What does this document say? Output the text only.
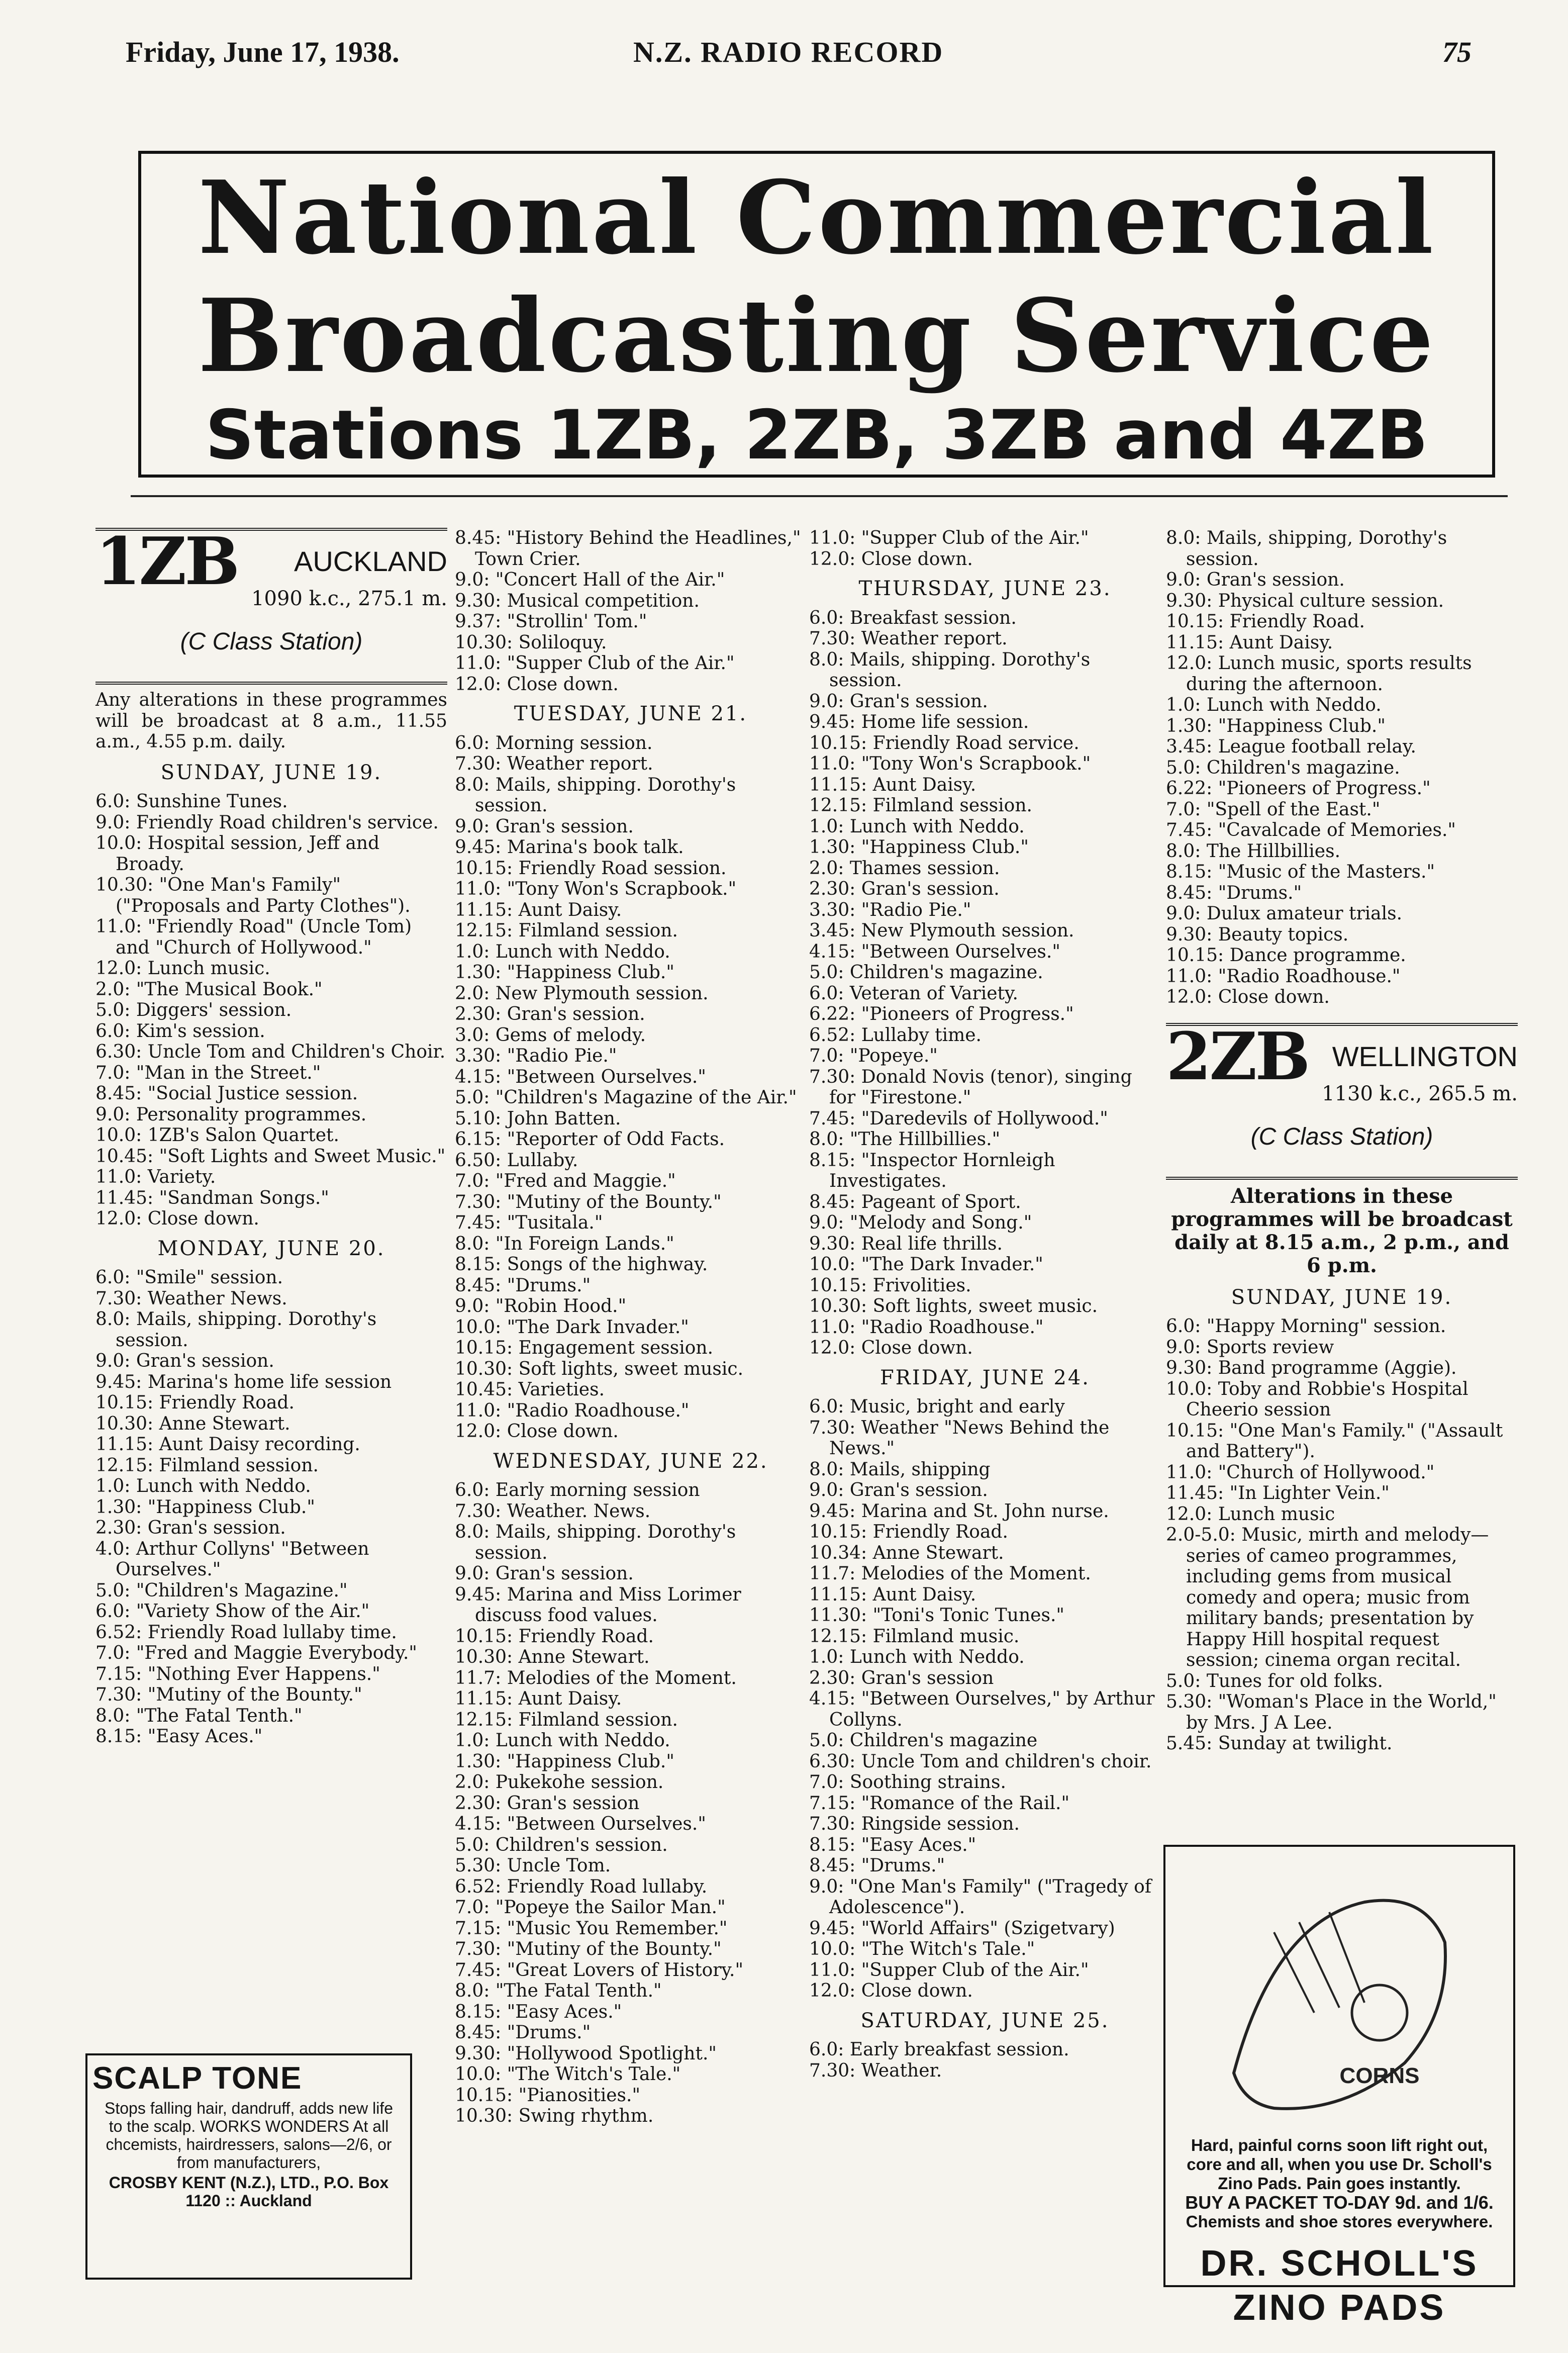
Friday, June 17, 1938.	N.Z. RADIO RECORD	75
National Commercial
Broadcasting Service
Stations 1ZB, 2ZB, 3ZB and 4ZB
1ZB AUCKLAND
1090 k.c., 275.1 m.
(C Class Station)
Any alterations in these programmes will be broadcast at 8 a.m., 11.55 a.m., 4.55 p.m. daily.
SUNDAY, JUNE 19.

6.0: Sunshine Tunes.

9.0: Friendly Road children's service.

10.0: Hospital session, Jeff and Broady.

10.30: "One Man's Family" ("Proposals and Party Clothes").

11.0: "Friendly Road" (Uncle Tom) and "Church of Hollywood."

12.0: Lunch music.

2.0: "The Musical Book."

5.0: Diggers' session.

6.0: Kim's session.

6.30: Uncle Tom and Children's Choir.

7.0: "Man in the Street."

8.45: "Social Justice session.

9.0: Personality programmes.

10.0: 1ZB's Salon Quartet.

10.45: "Soft Lights and Sweet Music."

11.0: Variety.

11.45: "Sandman Songs."

12.0: Close down.

MONDAY, JUNE 20.

6.0: "Smile" session.

7.30: Weather News.

8.0: Mails, shipping. Dorothy's session.

9.0: Gran's session.

9.45: Marina's home life session

10.15: Friendly Road.

10.30: Anne Stewart.

11.15: Aunt Daisy recording.

12.15: Filmland session.

1.0: Lunch with Neddo.

1.30: "Happiness Club."

2.30: Gran's session.

4.0: Arthur Collyns' "Between Ourselves."

5.0: "Children's Magazine."

6.0: "Variety Show of the Air."

6.52: Friendly Road lullaby time.

7.0: "Fred and Maggie Everybody."

7.15: "Nothing Ever Happens."

7.30: "Mutiny of the Bounty."

8.0: "The Fatal Tenth."

8.15: "Easy Aces."

SCALP TONE
Stops falling hair, dandruff, adds new life to the scalp. WORKS WONDERS At all chcemists, hairdressers, salons—2/6, or from manufacturers,
CROSBY KENT (N.Z.), LTD., P.O. Box 1120 :: Auckland

8.45: "History Behind the Headlines," Town Crier.

9.0: "Concert Hall of the Air."

9.30: Musical competition.

9.37: "Strollin' Tom."

10.30: Soliloquy.

11.0: "Supper Club of the Air."

12.0: Close down.

TUESDAY, JUNE 21.

6.0: Morning session.

7.30: Weather report.

8.0: Mails, shipping. Dorothy's session.

9.0: Gran's session.

9.45: Marina's book talk.

10.15: Friendly Road session.

11.0: "Tony Won's Scrapbook."

11.15: Aunt Daisy.

12.15: Filmland session.

1.0: Lunch with Neddo.

1.30: "Happiness Club."

2.0: New Plymouth session.

2.30: Gran's session.

3.0: Gems of melody.

3.30: "Radio Pie."

4.15: "Between Ourselves."

5.0: "Children's Magazine of the Air."

5.10: John Batten.

6.15: "Reporter of Odd Facts.

6.50: Lullaby.

7.0: "Fred and Maggie."

7.30: "Mutiny of the Bounty."

7.45: "Tusitala."

8.0: "In Foreign Lands."

8.15: Songs of the highway.

8.45: "Drums."

9.0: "Robin Hood."

10.0: "The Dark Invader."

10.15: Engagement session.

10.30: Soft lights, sweet music.

10.45: Varieties.

11.0: "Radio Roadhouse."

12.0: Close down.

WEDNESDAY, JUNE 22.

6.0: Early morning session

7.30: Weather. News.

8.0: Mails, shipping. Dorothy's session.

9.0: Gran's session.

9.45: Marina and Miss Lorimer discuss food values.

10.15: Friendly Road.

10.30: Anne Stewart.

11.7: Melodies of the Moment.

11.15: Aunt Daisy.

12.15: Filmland session.

1.0: Lunch with Neddo.

1.30: "Happiness Club."

2.0: Pukekohe session.

2.30: Gran's session

4.15: "Between Ourselves."

5.0: Children's session.

5.30: Uncle Tom.

6.52: Friendly Road lullaby.

7.0: "Popeye the Sailor Man."

7.15: "Music You Remember."

7.30: "Mutiny of the Bounty."

7.45: "Great Lovers of History."

8.0: "The Fatal Tenth."

8.15: "Easy Aces."

8.45: "Drums."

9.30: "Hollywood Spotlight."

10.0: "The Witch's Tale."

10.15: "Pianosities."

10.30: Swing rhythm.

11.0: "Supper Club of the Air."

12.0: Close down.

THURSDAY, JUNE 23.

6.0: Breakfast session.

7.30: Weather report.

8.0: Mails, shipping. Dorothy's session.

9.0: Gran's session.

9.45: Home life session.

10.15: Friendly Road service.

11.0: "Tony Won's Scrapbook."

11.15: Aunt Daisy.

12.15: Filmland session.

1.0: Lunch with Neddo.

1.30: "Happiness Club."

2.0: Thames session.

2.30: Gran's session.

3.30: "Radio Pie."

3.45: New Plymouth session.

4.15: "Between Ourselves."

5.0: Children's magazine.

6.0: Veteran of Variety.

6.22: "Pioneers of Progress."

6.52: Lullaby time.

7.0: "Popeye."

7.30: Donald Novis (tenor), singing for "Firestone."

7.45: "Daredevils of Hollywood."

8.0: "The Hillbillies."

8.15: "Inspector Hornleigh Investigates.

8.45: Pageant of Sport.

9.0: "Melody and Song."

9.30: Real life thrills.

10.0: "The Dark Invader."

10.15: Frivolities.

10.30: Soft lights, sweet music.

11.0: "Radio Roadhouse."

12.0: Close down.

FRIDAY, JUNE 24.

6.0: Music, bright and early

7.30: Weather "News Behind the News."

8.0: Mails, shipping

9.0: Gran's session.

9.45: Marina and St. John nurse.

10.15: Friendly Road.

10.34: Anne Stewart.

11.7: Melodies of the Moment.

11.15: Aunt Daisy.

11.30: "Toni's Tonic Tunes."

12.15: Filmland music.

1.0: Lunch with Neddo.

2.30: Gran's session

4.15: "Between Ourselves," by Arthur Collyns.

5.0: Children's magazine

6.30: Uncle Tom and children's choir.

7.0: Soothing strains.

7.15: "Romance of the Rail."

7.30: Ringside session.

8.15: "Easy Aces."

8.45: "Drums."

9.0: "One Man's Family" ("Tragedy of Adolescence").

9.45: "World Affairs" (Szigetvary)

10.0: "The Witch's Tale."

11.0: "Supper Club of the Air."

12.0: Close down.

SATURDAY, JUNE 25.

6.0: Early breakfast session.

7.30: Weather.

8.0: Mails, shipping, Dorothy's session.

9.0: Gran's session.

9.30: Physical culture session.

10.15: Friendly Road.

11.15: Aunt Daisy.

12.0: Lunch music, sports results during the afternoon.

1.0: Lunch with Neddo.

1.30: "Happiness Club."

3.45: League football relay.

5.0: Children's magazine.

6.22: "Pioneers of Progress."

7.0: "Spell of the East."

7.45: "Cavalcade of Memories."

8.0: The Hillbillies.

8.15: "Music of the Masters."

8.45: "Drums."

9.0: Dulux amateur trials.

9.30: Beauty topics.

10.15: Dance programme.

11.0: "Radio Roadhouse."

12.0: Close down.

2ZB WELLINGTON
1130 k.c., 265.5 m.
(C Class Station)
Alterations in these programmes will be broadcast daily at 8.15 a.m., 2 p.m., and 6 p.m.
SUNDAY, JUNE 19.

6.0: "Happy Morning" session.

9.0: Sports review

9.30: Band programme (Aggie).

10.0: Toby and Robbie's Hospital Cheerio session

10.15: "One Man's Family." ("Assault and Battery").

11.0: "Church of Hollywood."

11.45: "In Lighter Vein."

12.0: Lunch music

2.0-5.0: Music, mirth and melody—series of cameo programmes, including gems from musical comedy and opera; music from military bands; presentation by Happy Hill hospital request session; cinema organ recital.

5.0: Tunes for old folks.

5.30: "Woman's Place in the World," by Mrs. J A Lee.

5.45: Sunday at twilight.

CORNS
Hard, painful corns soon lift right out, core and all, when you use Dr. Scholl's Zino Pads. Pain goes instantly.
BUY A PACKET TO-DAY 9d. and 1/6.
Chemists and shoe stores everywhere.
DR. SCHOLL'S
ZINO PADS
